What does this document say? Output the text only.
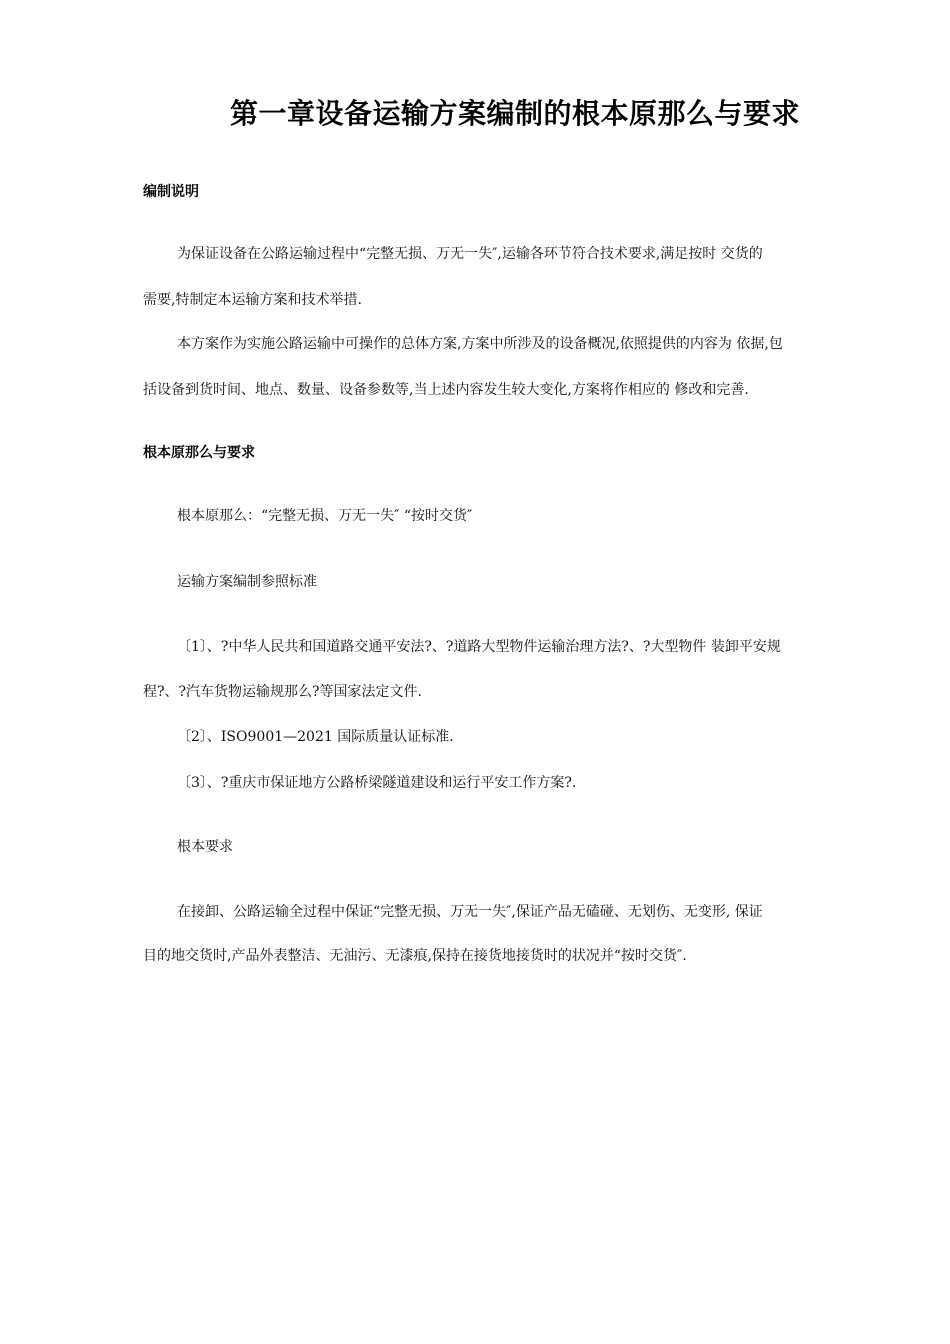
第一章设备运输方案编制的根本原那么与要求
编制说明
为保证设备在公路运输过程中“完整无损、万无一失″,运输各环节符合技术要求,满足按时 交货的
需要,特制定本运输方案和技术举措.
本方案作为实施公路运输中可操作的总体方案,方案中所涉及的设备概况,依照提供的内容为 依据,包
括设备到货时间、地点、数量、设备参数等,当上述内容发生较大变化,方案将作相应的 修改和完善.
根本原那么与要求
根本原那么：“完整无损、万无一失″ “按时交货″
运输方案编制参照标准
〔1〕、?中华人民共和国道路交通平安法?、?道路大型物件运输治理方法?、?大型物件 装卸平安规
程?、?汽车货物运输规那么?等国家法定文件.
〔2〕、ISO9001—2021 国际质量认证标准.
〔3〕、?重庆市保证地方公路桥梁隧道建设和运行平安工作方案?.
根本要求
在接卸、公路运输全过程中保证“完整无损、万无一失″,保证产品无磕碰、无划伤、无变形, 保证
目的地交货时,产品外表整洁、无油污、无漆痕,保持在接货地接货时的状况并“按时交货″.
